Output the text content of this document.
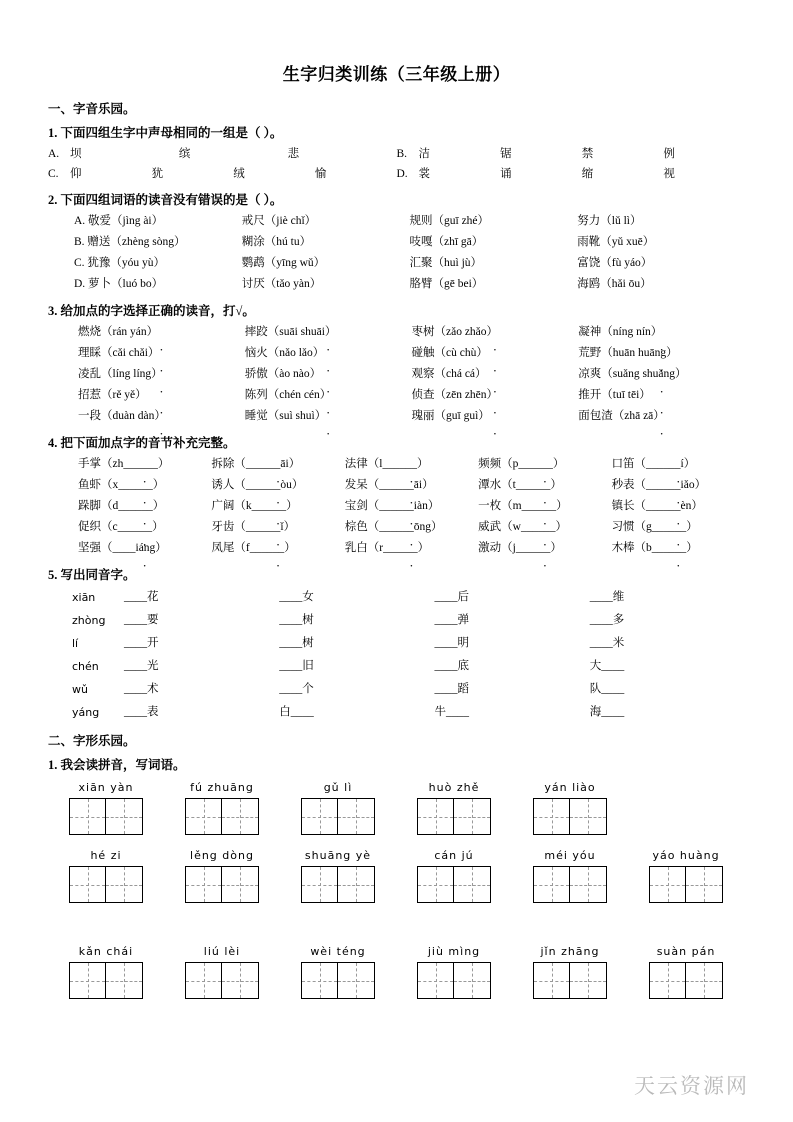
生字归类训练（三年级上册）
一、字音乐园。
1. 下面四组生字中声母相同的一组是（ ）。
A. 坝	缤	悲	B. 洁	锯	禁	例
C. 仰	犹	绒	愉	D. 裳	诵	缩	视
2. 下面四组词语的读音没有错误的是（ ）。
A. 敬爱（jìng ài）	戒尺（jiè chǐ）	规则（guī zhé）	努力（lǔ lì）
B. 赠送（zhèng sòng）	糊涂（hú tu）	吱嘎（zhī gā）	雨靴（yǔ xuē）
C. 犹豫（yóu yù）	鹦鹉（yīng wǔ）	汇聚（huì jù）	富饶（fù yáo）
D. 萝卜（luó bo）	讨厌（tǎo yàn）	胳臂（gē bei）	海鸥（hǎi ōu）
3. 给加点的字选择正确的读音，打√。
燃烧（rán yán） ·	摔跤（suāi shuāi） ·	枣树（zǎo zhǎo） ·	凝神（níng nín） ·
理睬（cǎi chǎi） ·	恼火（nǎo lǎo） ·	碰触（cù chù） ·	荒野（huān huāng） ·
凌乱（líng líng） ·	骄傲（ào nào） ·	观察（chá cá） ·	凉爽（suǎng shuǎng） ·
招惹（rě yě） ·	陈列（chén cén） ·	侦查（zēn zhēn） ·	推开（tuī tēi） ·
一段（duàn dàn） ·	睡觉（suì shuì） ·	瑰丽（guī guì） ·	面包渣（zhā zā） ·
4. 把下面加点字的音节补充完整。
手掌（zh______） ·	拆除（______āi） ·	法律（l______） ·	频频（p______） ·	口笛（______í） ·
鱼虾（x______） ·	诱人（______òu） ·	发呆（______āi） ·	潭水（t______） ·	秒表（______iǎo） ·
跺脚（d______） ·	广阔（k______） ·	宝剑（______iàn） ·	一枚（m______） ·	镇长（______èn） ·
促织（c______） ·	牙齿（______ǐ） ·	棕色（______ōng） ·	威武（w______） ·	习惯（g______） ·
坚强（____iáng） ·	凤尾（f______） ·	乳白（r______） ·	激动（j______） ·	木棒（b______） ·
5. 写出同音字。
xiān	____花	____女	____后	____维
zhòng	____要	____树	____弹	____多
lí	____开	____树	____明	____米
chén	____光	____旧	____底	大____
wǔ	____术	____个	____蹈	队____
yáng	____表	白____	牛____	海____
二、字形乐园。
1. 我会读拼音，写词语。
xiān yàn	fú zhuāng	gǔ lì	huò zhě	yán liào
hé zi	lěng dòng	shuāng yè	cán jú	méi yóu	yáo huàng
kǎn chái	liú lèi	wèi téng	jiù mìng	jǐn zhāng	suàn pán
天云资源网
